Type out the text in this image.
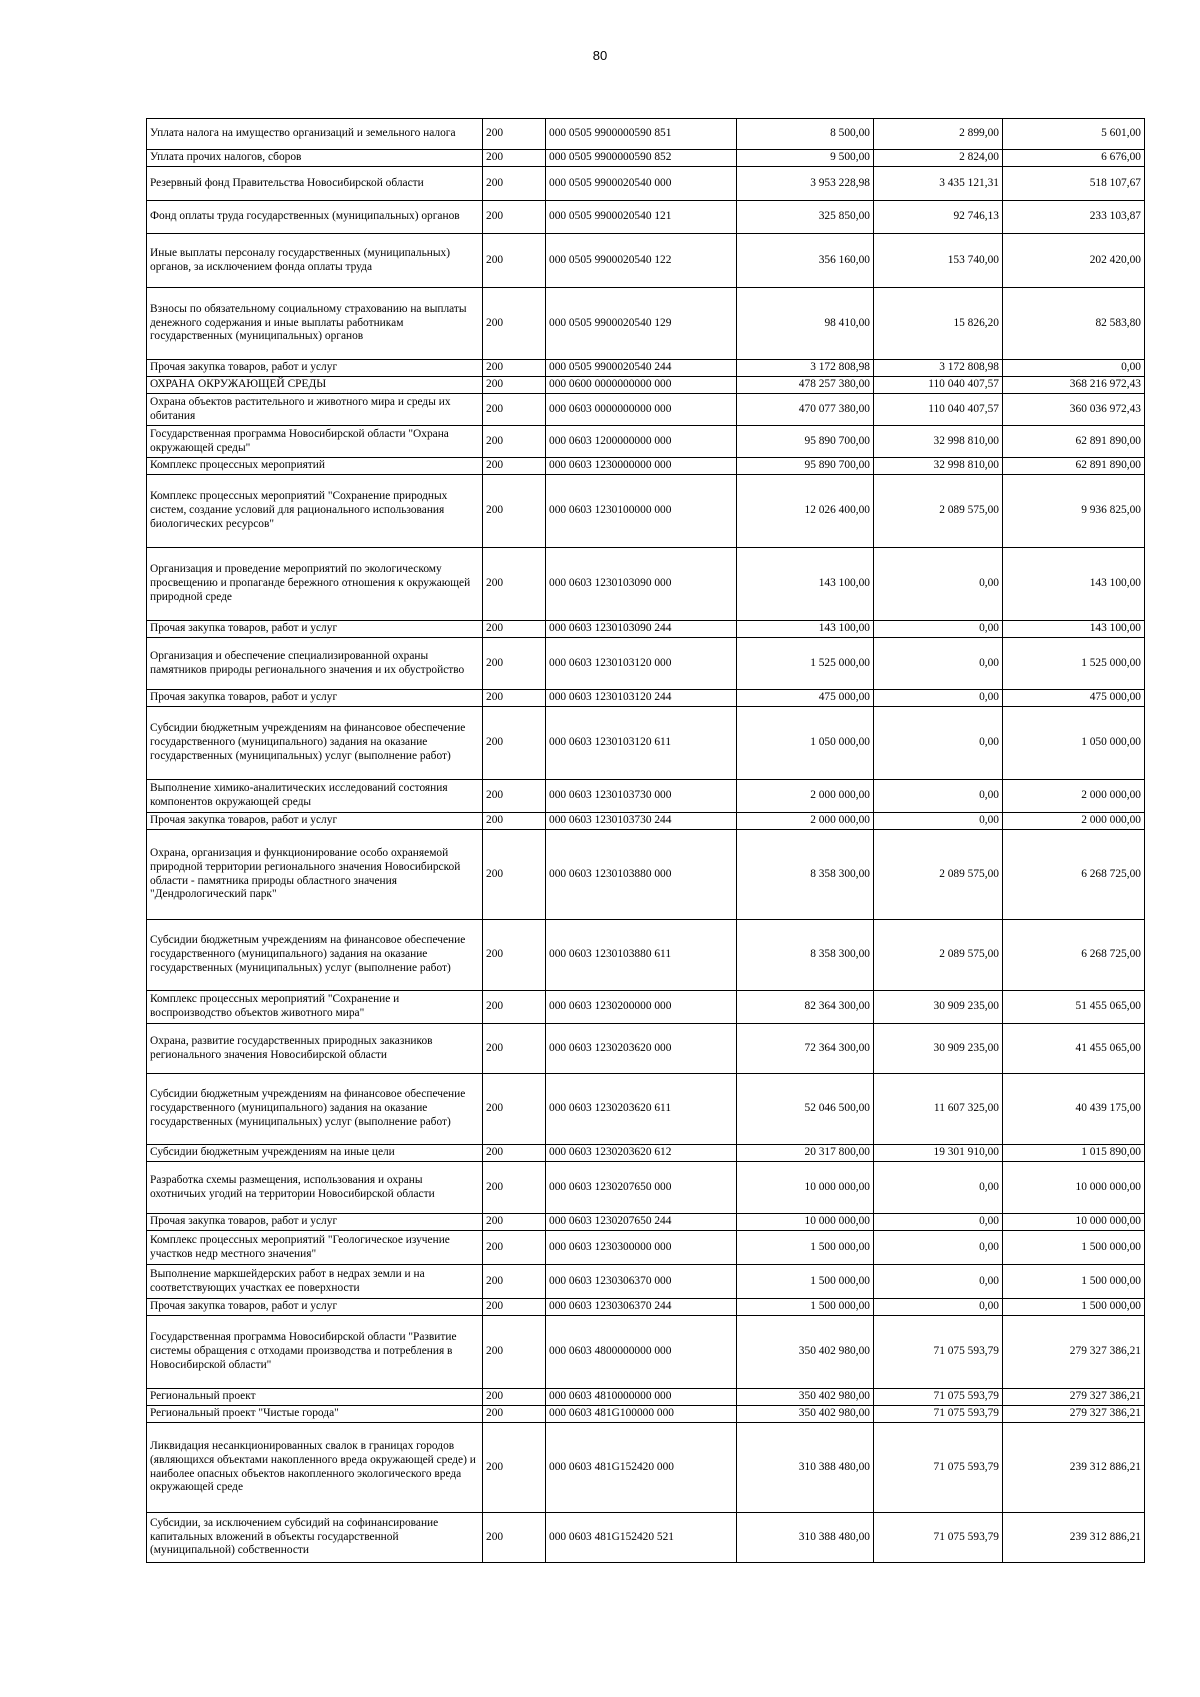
80
Уплата налога на имущество организаций и земельного налога	200	000 0505 9900000590 851	8 500,00	2 899,00	5 601,00
Уплата прочих налогов, сборов	200	000 0505 9900000590 852	9 500,00	2 824,00	6 676,00
Резервный фонд Правительства Новосибирской области	200	000 0505 9900020540 000	3 953 228,98	3 435 121,31	518 107,67
Фонд оплаты труда государственных (муниципальных) органов	200	000 0505 9900020540 121	325 850,00	92 746,13	233 103,87
Иные выплаты персоналу государственных (муниципальных) органов, за исключением фонда оплаты труда	200	000 0505 9900020540 122	356 160,00	153 740,00	202 420,00
Взносы по обязательному социальному страхованию на выплаты денежного содержания и иные выплаты работникам государственных (муниципальных) органов	200	000 0505 9900020540 129	98 410,00	15 826,20	82 583,80
Прочая закупка товаров, работ и услуг	200	000 0505 9900020540 244	3 172 808,98	3 172 808,98	0,00
ОХРАНА ОКРУЖАЮЩЕЙ СРЕДЫ	200	000 0600 0000000000 000	478 257 380,00	110 040 407,57	368 216 972,43
Охрана объектов растительного и животного мира и среды их обитания	200	000 0603 0000000000 000	470 077 380,00	110 040 407,57	360 036 972,43
Государственная программа Новосибирской области "Охрана окружающей среды"	200	000 0603 1200000000 000	95 890 700,00	32 998 810,00	62 891 890,00
Комплекс процессных мероприятий	200	000 0603 1230000000 000	95 890 700,00	32 998 810,00	62 891 890,00
Комплекс процессных мероприятий "Сохранение природных систем, создание условий для рационального использования биологических ресурсов"	200	000 0603 1230100000 000	12 026 400,00	2 089 575,00	9 936 825,00
Организация и проведение мероприятий по экологическому просвещению и пропаганде бережного отношения к окружающей природной среде	200	000 0603 1230103090 000	143 100,00	0,00	143 100,00
Прочая закупка товаров, работ и услуг	200	000 0603 1230103090 244	143 100,00	0,00	143 100,00
Организация и обеспечение специализированной охраны памятников природы регионального значения и их обустройство	200	000 0603 1230103120 000	1 525 000,00	0,00	1 525 000,00
Прочая закупка товаров, работ и услуг	200	000 0603 1230103120 244	475 000,00	0,00	475 000,00
Субсидии бюджетным учреждениям на финансовое обеспечение государственного (муниципального) задания на оказание государственных (муниципальных) услуг (выполнение работ)	200	000 0603 1230103120 611	1 050 000,00	0,00	1 050 000,00
Выполнение химико-аналитических исследований состояния компонентов окружающей среды	200	000 0603 1230103730 000	2 000 000,00	0,00	2 000 000,00
Прочая закупка товаров, работ и услуг	200	000 0603 1230103730 244	2 000 000,00	0,00	2 000 000,00
Охрана, организация и функционирование особо охраняемой природной территории регионального значения Новосибирской области - памятника природы областного значения "Дендрологический парк"	200	000 0603 1230103880 000	8 358 300,00	2 089 575,00	6 268 725,00
Субсидии бюджетным учреждениям на финансовое обеспечение государственного (муниципального) задания на оказание государственных (муниципальных) услуг (выполнение работ)	200	000 0603 1230103880 611	8 358 300,00	2 089 575,00	6 268 725,00
Комплекс процессных мероприятий "Сохранение и воспроизводство объектов животного мира"	200	000 0603 1230200000 000	82 364 300,00	30 909 235,00	51 455 065,00
Охрана, развитие государственных природных заказников регионального значения Новосибирской области	200	000 0603 1230203620 000	72 364 300,00	30 909 235,00	41 455 065,00
Субсидии бюджетным учреждениям на финансовое обеспечение государственного (муниципального) задания на оказание государственных (муниципальных) услуг (выполнение работ)	200	000 0603 1230203620 611	52 046 500,00	11 607 325,00	40 439 175,00
Субсидии бюджетным учреждениям на иные цели	200	000 0603 1230203620 612	20 317 800,00	19 301 910,00	1 015 890,00
Разработка схемы размещения, использования и охраны охотничьих угодий на территории Новосибирской области	200	000 0603 1230207650 000	10 000 000,00	0,00	10 000 000,00
Прочая закупка товаров, работ и услуг	200	000 0603 1230207650 244	10 000 000,00	0,00	10 000 000,00
Комплекс процессных мероприятий "Геологическое изучение участков недр местного значения"	200	000 0603 1230300000 000	1 500 000,00	0,00	1 500 000,00
Выполнение маркшейдерских работ в недрах земли и на соответствующих участках ее поверхности	200	000 0603 1230306370 000	1 500 000,00	0,00	1 500 000,00
Прочая закупка товаров, работ и услуг	200	000 0603 1230306370 244	1 500 000,00	0,00	1 500 000,00
Государственная программа Новосибирской области "Развитие системы обращения с отходами производства и потребления в Новосибирской области"	200	000 0603 4800000000 000	350 402 980,00	71 075 593,79	279 327 386,21
Региональный проект	200	000 0603 4810000000 000	350 402 980,00	71 075 593,79	279 327 386,21
Региональный проект "Чистые города"	200	000 0603 481G100000 000	350 402 980,00	71 075 593,79	279 327 386,21
Ликвидация несанкционированных свалок в границах городов (являющихся объектами накопленного вреда окружающей среде) и наиболее опасных объектов накопленного экологического вреда окружающей среде	200	000 0603 481G152420 000	310 388 480,00	71 075 593,79	239 312 886,21
Субсидии, за исключением субсидий на софинансирование капитальных вложений в объекты государственной (муниципальной) собственности	200	000 0603 481G152420 521	310 388 480,00	71 075 593,79	239 312 886,21
